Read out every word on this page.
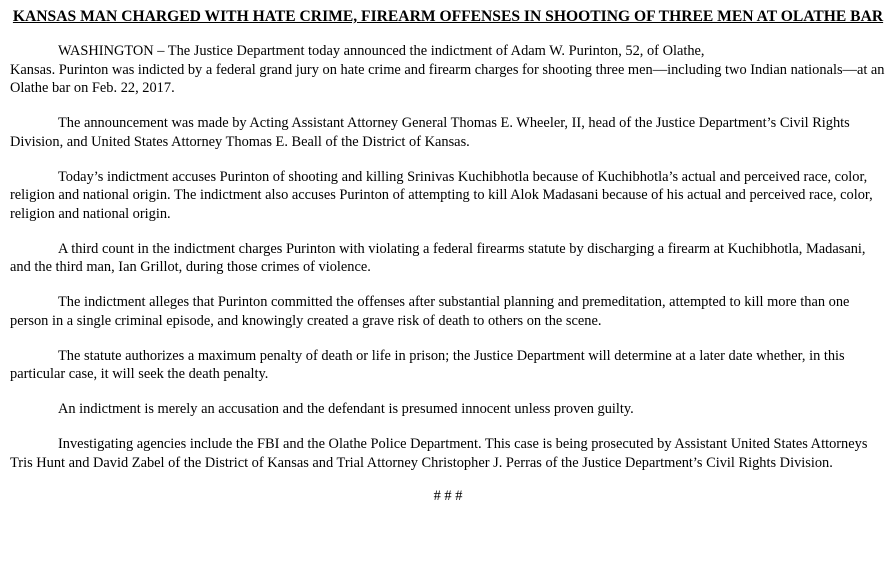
KANSAS MAN CHARGED WITH HATE CRIME, FIREARM OFFENSES IN SHOOTING OF THREE MEN AT OLATHE BAR

WASHINGTON – The Justice Department today announced the indictment of Adam W. Purinton, 52, of Olathe,
Kansas. Purinton was indicted by a federal grand jury on hate crime and firearm charges for shooting three men—including two Indian nationals—at an Olathe bar on Feb. 22, 2017.

The announcement was made by Acting Assistant Attorney General Thomas E. Wheeler, II, head of the Justice Department’s Civil Rights Division, and United States Attorney Thomas E. Beall of the District of Kansas.

Today’s indictment accuses Purinton of shooting and killing Srinivas Kuchibhotla because of Kuchibhotla’s actual and perceived race, color, religion and national origin. The indictment also accuses Purinton of attempting to kill Alok Madasani because of his actual and perceived race, color, religion and national origin.

A third count in the indictment charges Purinton with violating a federal firearms statute by discharging a firearm at Kuchibhotla, Madasani, and the third man, Ian Grillot, during those crimes of violence.

The indictment alleges that Purinton committed the offenses after substantial planning and premeditation, attempted to kill more than one person in a single criminal episode, and knowingly created a grave risk of death to others on the scene.

The statute authorizes a maximum penalty of death or life in prison; the Justice Department will determine at a later date whether, in this particular case, it will seek the death penalty.

An indictment is merely an accusation and the defendant is presumed innocent unless proven guilty.

Investigating agencies include the FBI and the Olathe Police Department. This case is being prosecuted by Assistant United States Attorneys Tris Hunt and David Zabel of the District of Kansas and Trial Attorney Christopher J. Perras of the Justice Department’s Civil Rights Division.

# # #
